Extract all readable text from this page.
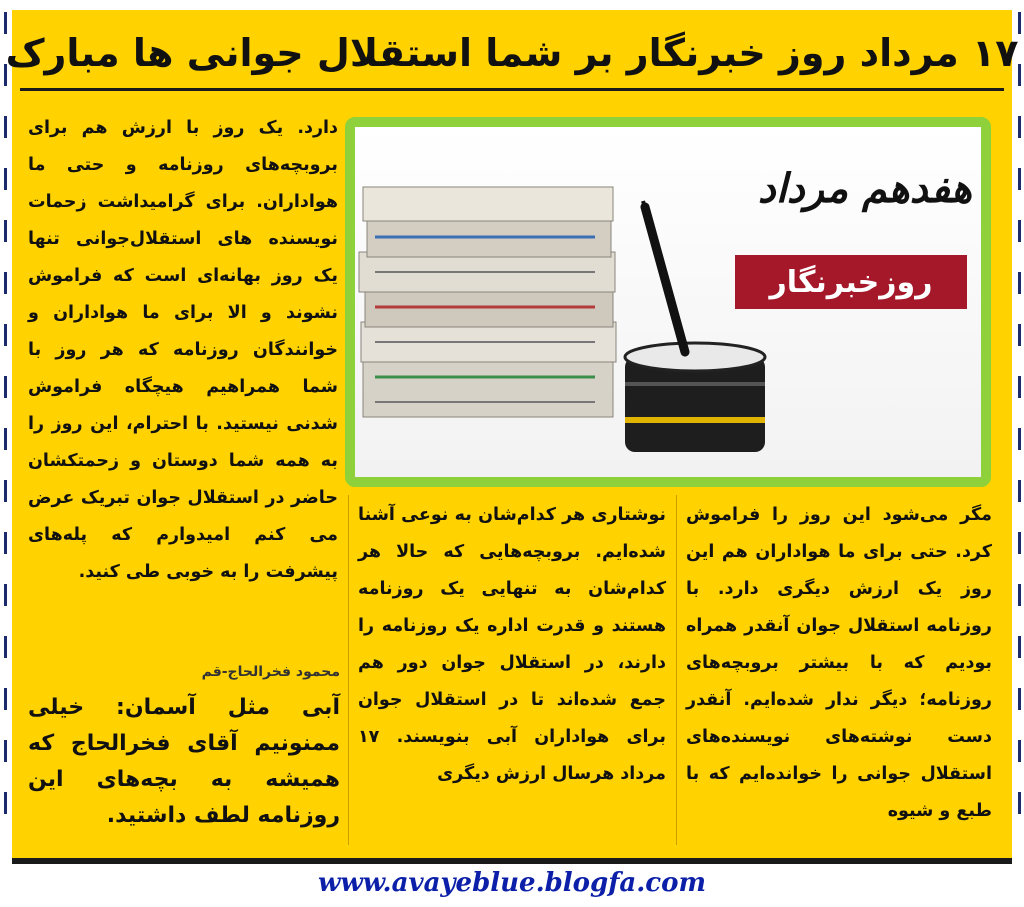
۱۷ مرداد روز خبرنگار بر شما استقلال جوانی ها مبارک
هفدهم مرداد
روزخبرنگار

دارد. یک روز با ارزش هم برای بروبچه‌های روزنامه و حتی ما هواداران. برای گرامیداشت زحمات نویسنده های استقلال‌جوانی تنها یک روز بهانه‌ای است که فراموش نشوند و الا برای ما هواداران و خوانندگان روزنامه که هر روز با شما همراهیم هیچگاه فراموش شدنی نیستید. با احترام، این روز را به همه شما دوستان و زحمتکشان حاضر در استقلال جوان تبریک عرض می کنم امیدوارم که پله‌های پیشرفت را به خوبی طی کنید.

نوشتاری هر کدام‌شان به نوعی آشنا شده‌ایم. بروبچه‌هایی که حالا هر کدام‌شان به تنهایی یک روزنامه هستند و قدرت اداره یک روزنامه را دارند، در استقلال جوان دور هم جمع شده‌اند تا در استقلال جوان برای هواداران آبی بنویسند. ۱۷ مرداد هرسال ارزش دیگری

مگر می‌شود این روز را فراموش کرد. حتی برای ما هواداران هم این روز یک ارزش دیگری دارد. با روزنامه استقلال جوان آنقدر همراه بودیم که با بیشتر بروبچه‌های روزنامه؛ دیگر ندار شده‌ایم. آنقدر دست نوشته‌های نویسنده‌های استقلال جوانی را خوانده‌ایم که با طبع و شیوه

محمود فخرالحاج-قم
آبی مثل آسمان: خیلی ممنونیم آقای فخرالحاج که همیشه به بچه‌های این روزنامه لطف داشتید.
www.avayeblue.blogfa.com
